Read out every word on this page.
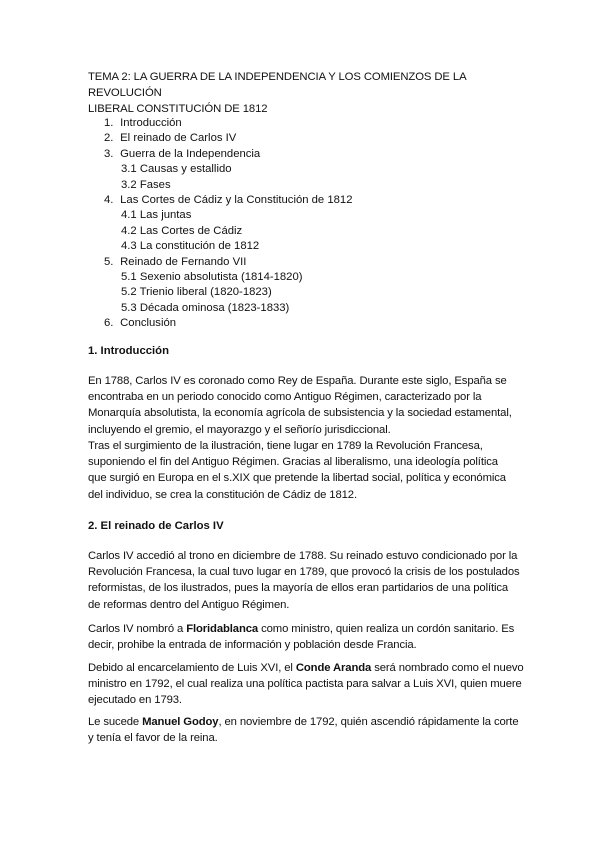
TEMA 2: LA GUERRA DE LA INDEPENDENCIA Y LOS COMIENZOS DE LA REVOLUCIÓN
LIBERAL CONSTITUCIÓN DE 1812
1. Introducción
2. El reinado de Carlos IV
3. Guerra de la Independencia
3.1 Causas y estallido
3.2 Fases
4. Las Cortes de Cádiz y la Constitución de 1812
4.1 Las juntas
4.2 Las Cortes de Cádiz
4.3 La constitución de 1812
5. Reinado de Fernando VII
5.1 Sexenio absolutista (1814-1820)
5.2 Trienio liberal (1820-1823)
5.3 Década ominosa (1823-1833)
6. Conclusión
1. Introducción

En 1788, Carlos IV es coronado como Rey de España. Durante este siglo, España se
encontraba en un periodo conocido como Antiguo Régimen, caracterizado por la
Monarquía absolutista, la economía agrícola de subsistencia y la sociedad estamental,
incluyendo el gremio, el mayorazgo y el señorío jurisdiccional.

Tras el surgimiento de la ilustración, tiene lugar en 1789 la Revolución Francesa,
suponiendo el fin del Antiguo Régimen. Gracias al liberalismo, una ideología política
que surgió en Europa en el s.XIX que pretende la libertad social, política y económica
del individuo, se crea la constitución de Cádiz de 1812.

2. El reinado de Carlos IV

Carlos IV accedió al trono en diciembre de 1788. Su reinado estuvo condicionado por la
Revolución Francesa, la cual tuvo lugar en 1789, que provocó la crisis de los postulados
reformistas, de los ilustrados, pues la mayoría de ellos eran partidarios de una política
de reformas dentro del Antiguo Régimen.

Carlos IV nombró a Floridablanca como ministro, quien realiza un cordón sanitario. Es
decir, prohibe la entrada de información y población desde Francia.

Debido al encarcelamiento de Luis XVI, el Conde Aranda será nombrado como el nuevo
ministro en 1792, el cual realiza una política pactista para salvar a Luis XVI, quien muere
ejecutado en 1793.

Le sucede Manuel Godoy, en noviembre de 1792, quién ascendió rápidamente la corte
y tenía el favor de la reina.
